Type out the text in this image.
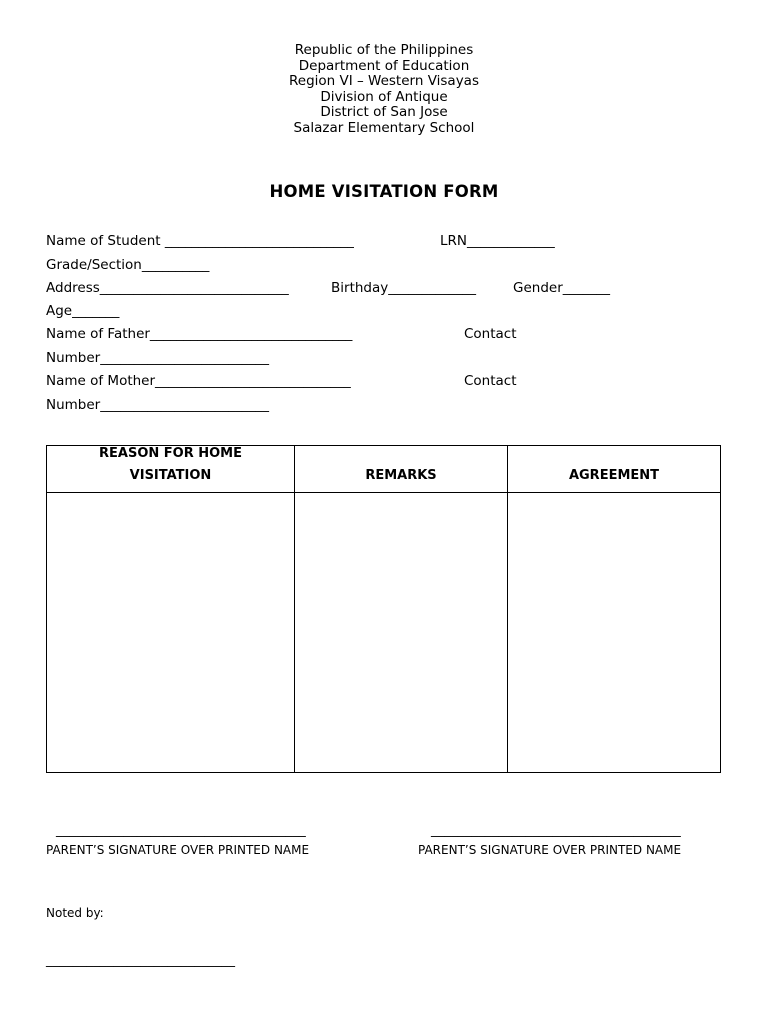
Republic of the Philippines
Department of Education
Region VI – Western Visayas
Division of Antique
District of San Jose
Salazar Elementary School
HOME VISITATION FORM
Name of Student ____________________________	LRN_____________
Grade/Section__________
Address____________________________	Birthday_____________	Gender_______
Age_______
Name of Father______________________________	Contact
Number_________________________
Name of Mother_____________________________	Contact
Number_________________________
REASON FOR HOME
VISITATION	REMARKS	AGREEMENT
_____________________________________
PARENT’S SIGNATURE OVER PRINTED NAME
_____________________________________
PARENT’S SIGNATURE OVER PRINTED NAME
Noted by:
____________________________
